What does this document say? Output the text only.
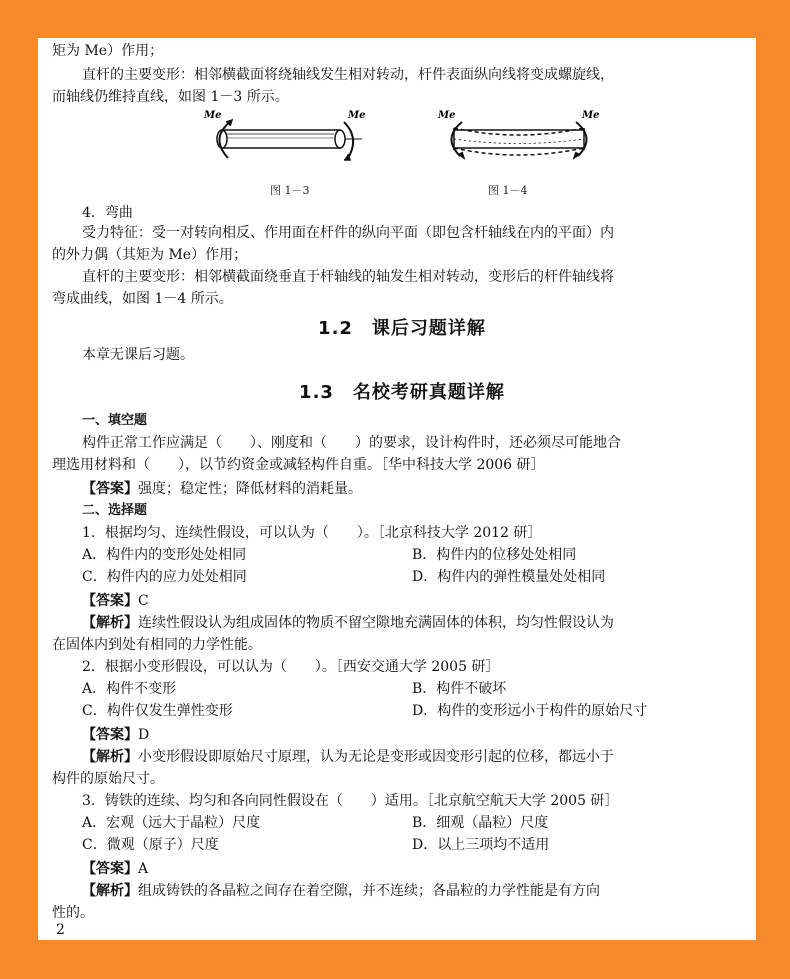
矩为 Me）作用；
直杆的主要变形：相邻横截面将绕轴线发生相对转动，杆件表面纵向线将变成螺旋线，
而轴线仍维持直线，如图 1－3 所示。
Me	Me
图 1－3
Me	Me
图 1－4
4．弯曲
受力特征：受一对转向相反、作用面在杆件的纵向平面（即包含杆轴线在内的平面）内
的外力偶（其矩为 Me）作用；
直杆的主要变形：相邻横截面绕垂直于杆轴线的轴发生相对转动，变形后的杆件轴线将
弯成曲线，如图 1－4 所示。
1.2　课后习题详解
本章无课后习题。
1.3　名校考研真题详解
一、填空题
构件正常工作应满足（　　）、刚度和（　　）的要求，设计构件时，还必须尽可能地合
理选用材料和（　　），以节约资金或减轻构件自重。［华中科技大学 2006 研］
【答案】强度；稳定性；降低材料的消耗量。
二、选择题
1．根据均匀、连续性假设，可以认为（　　）。［北京科技大学 2012 研］
A．构件内的变形处处相同	B．构件内的位移处处相同
C．构件内的应力处处相同	D．构件内的弹性模量处处相同
【答案】C
【解析】连续性假设认为组成固体的物质不留空隙地充满固体的体积，均匀性假设认为
在固体内到处有相同的力学性能。
2．根据小变形假设，可以认为（　　）。［西安交通大学 2005 研］
A．构件不变形	B．构件不破坏
C．构件仅发生弹性变形	D．构件的变形远小于构件的原始尺寸
【答案】D
【解析】小变形假设即原始尺寸原理，认为无论是变形或因变形引起的位移，都远小于
构件的原始尺寸。
3．铸铁的连续、均匀和各向同性假设在（　　）适用。［北京航空航天大学 2005 研］
A．宏观（远大于晶粒）尺度	B．细观（晶粒）尺度
C．微观（原子）尺度	D．以上三项均不适用
【答案】A
【解析】组成铸铁的各晶粒之间存在着空隙，并不连续；各晶粒的力学性能是有方向
性的。
2
